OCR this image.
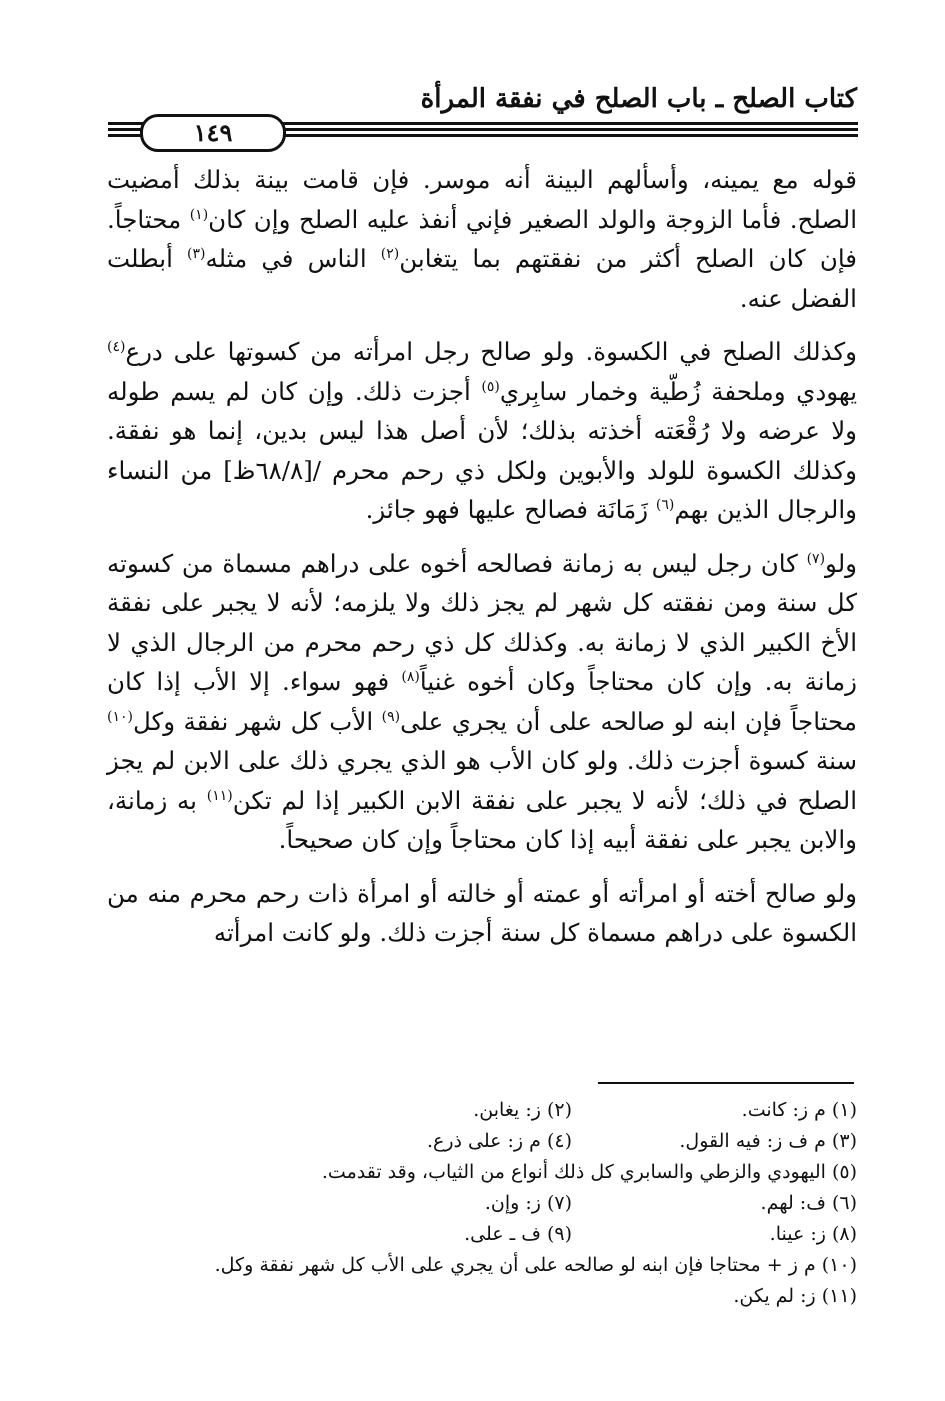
كتاب الصلح ـ باب الصلح في نفقة المرأة
١٤٩

قوله مع يمينه، وأسألهم البينة أنه موسر. فإن قامت بينة بذلك أمضيت الصلح. فأما الزوجة والولد الصغير فإني أنفذ عليه الصلح وإن كان$^{(١)}$ محتاجاً. فإن كان الصلح أكثر من نفقتهم بما يتغابن$^{(٢)}$ الناس في مثله$^{(٣)}$ أبطلت الفضل عنه.

وكذلك الصلح في الكسوة. ولو صالح رجل امرأته من كسوتها على درع$^{(٤)}$ يهودي وملحفة زُطّية وخمار سابِري$^{(٥)}$ أجزت ذلك. وإن كان لم يسم طوله ولا عرضه ولا رُقْعَته أخذته بذلك؛ لأن أصل هذا ليس بدين، إنما هو نفقة. وكذلك الكسوة للولد والأبوين ولكل ذي رحم محرم /[٦٨/٨ظ] من النساء والرجال الذين بهم$^{(٦)}$ زَمَانَة فصالح عليها فهو جائز.

ولو$^{(٧)}$ كان رجل ليس به زمانة فصالحه أخوه على دراهم مسماة من كسوته كل سنة ومن نفقته كل شهر لم يجز ذلك ولا يلزمه؛ لأنه لا يجبر على نفقة الأخ الكبير الذي لا زمانة به. وكذلك كل ذي رحم محرم من الرجال الذي لا زمانة به. وإن كان محتاجاً وكان أخوه غنياً$^{(٨)}$ فهو سواء. إلا الأب إذا كان محتاجاً فإن ابنه لو صالحه على أن يجري على$^{(٩)}$ الأب كل شهر نفقة وكل$^{(١٠)}$ سنة كسوة أجزت ذلك. ولو كان الأب هو الذي يجري ذلك على الابن لم يجز الصلح في ذلك؛ لأنه لا يجبر على نفقة الابن الكبير إذا لم تكن$^{(١١)}$ به زمانة، والابن يجبر على نفقة أبيه إذا كان محتاجاً وإن كان صحيحاً.

ولو صالح أخته أو امرأته أو عمته أو خالته أو امرأة ذات رحم محرم منه من الكسوة على دراهم مسماة كل سنة أجزت ذلك. ولو كانت امرأته

(١) م ز: كانت.
(٢) ز: يغابن.
(٣) م ف ز: فيه القول.
(٤) م ز: على ذرع.
(٥) اليهودي والزطي والسابري كل ذلك أنواع من الثياب، وقد تقدمت.
(٦) ف: لهم.
(٧) ز: وإن.
(٨) ز: عينا.
(٩) ف ـ على.
(١٠) م ز + محتاجا فإن ابنه لو صالحه على أن يجري على الأب كل شهر نفقة وكل.
(١١) ز: لم يكن.
